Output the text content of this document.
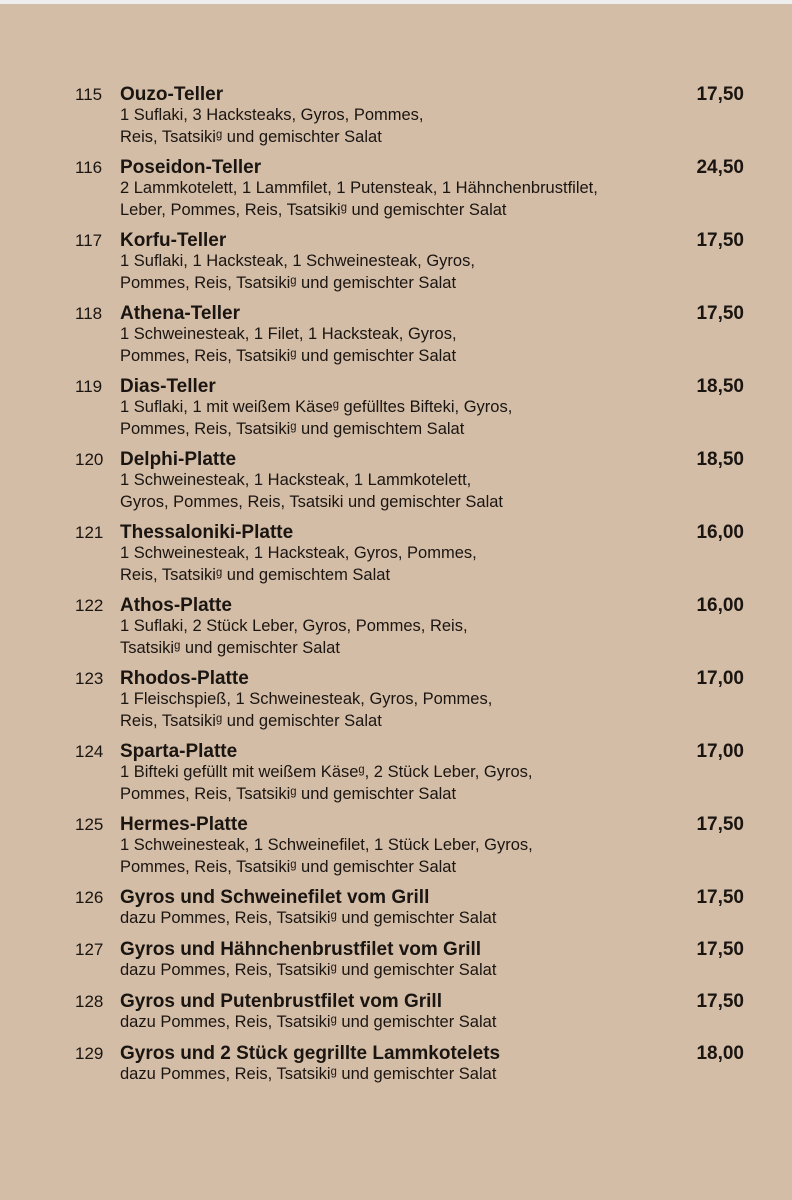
115 Ouzo-Teller	17,50
1 Suflaki, 3 Hacksteaks, Gyros, Pommes,
Reis, Tsatsikiᵍ und gemischter Salat
116 Poseidon-Teller	24,50
2 Lammkotelett, 1 Lammfilet, 1 Putensteak, 1 Hähnchenbrustfilet,
Leber, Pommes, Reis, Tsatsikiᵍ und gemischter Salat
117 Korfu-Teller	17,50
1 Suflaki, 1 Hacksteak, 1 Schweinesteak, Gyros,
Pommes, Reis, Tsatsikiᵍ und gemischter Salat
118 Athena-Teller	17,50
1 Schweinesteak, 1 Filet, 1 Hacksteak, Gyros,
Pommes, Reis, Tsatsikiᵍ und gemischter Salat
119 Dias-Teller	18,50
1 Suflaki, 1 mit weißem Käseᵍ gefülltes Bifteki, Gyros,
Pommes, Reis, Tsatsikiᵍ und gemischtem Salat
120 Delphi-Platte	18,50
1 Schweinesteak, 1 Hacksteak, 1 Lammkotelett,
Gyros, Pommes, Reis, Tsatsiki und gemischter Salat
121 Thessaloniki-Platte	16,00
1 Schweinesteak, 1 Hacksteak, Gyros, Pommes,
Reis, Tsatsikiᵍ und gemischtem Salat
122 Athos-Platte	16,00
1 Suflaki, 2 Stück Leber, Gyros, Pommes, Reis,
Tsatsikiᵍ und gemischter Salat
123 Rhodos-Platte	17,00
1 Fleischspieß, 1 Schweinesteak, Gyros, Pommes,
Reis, Tsatsikiᵍ und gemischter Salat
124 Sparta-Platte	17,00
1 Bifteki gefüllt mit weißem Käseᵍ, 2 Stück Leber, Gyros,
Pommes, Reis, Tsatsikiᵍ und gemischter Salat
125 Hermes-Platte	17,50
1 Schweinesteak, 1 Schweinefilet, 1 Stück Leber, Gyros,
Pommes, Reis, Tsatsikiᵍ und gemischter Salat
126 Gyros und Schweinefilet vom Grill	17,50
dazu Pommes, Reis, Tsatsikiᵍ und gemischter Salat
127 Gyros und Hähnchenbrustfilet vom Grill	17,50
dazu Pommes, Reis, Tsatsikiᵍ und gemischter Salat
128 Gyros und Putenbrustfilet vom Grill	17,50
dazu Pommes, Reis, Tsatsikiᵍ und gemischter Salat
129 Gyros und 2 Stück gegrillte Lammkotelets	18,00
dazu Pommes, Reis, Tsatsikiᵍ und gemischter Salat
